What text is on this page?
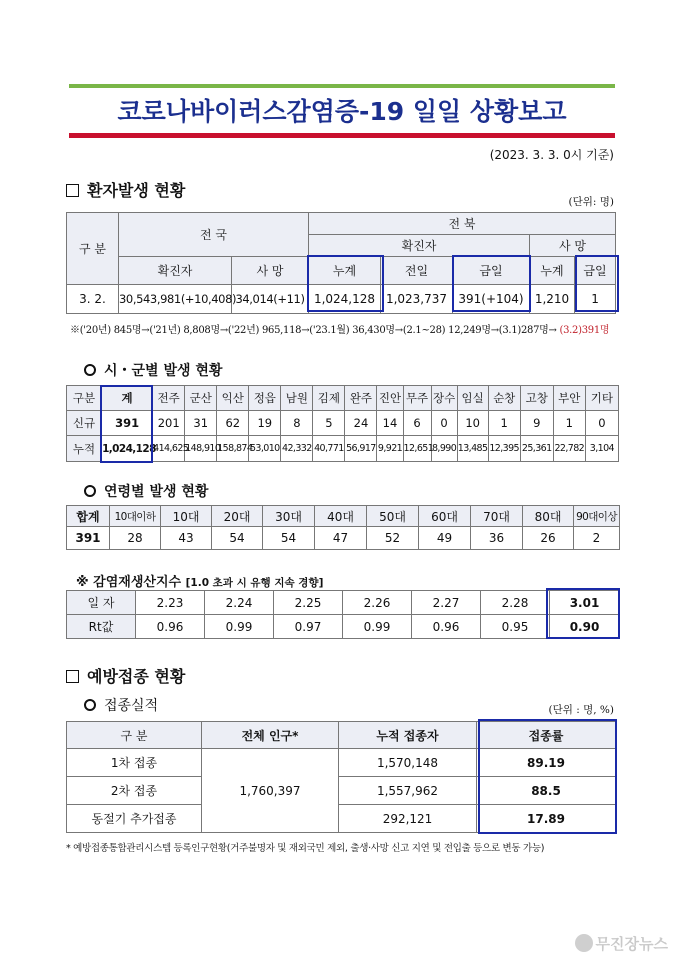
코로나바이러스감염증-19 일일 상황보고
(2023. 3. 3. 0시 기준)
환자발생 현황
(단위: 명)
구 분	전 국		전 북				
			확진자			사 망	
	확진자	사 망	누계	전일	금일	누계	금일
3. 2.	30,543,981(+10,408)	34,014(+11)	1,024,128	1,023,737	391(+104)	1,210	1
※('20년) 845명→('21년) 8,808명→('22년) 965,118→('23.1월) 36,430명→(2.1~28) 12,249명→(3.1)287명→ (3.2)391명
시・군별 발생 현황
구분	계	전주	군산	익산	정읍	남원	김제	완주	진안	무주	장수	임실	순창	고창	부안	기타
신규	391	201	31	62	19	8	5	24	14	6	0	10	1	9	1	0
누적	1,024,128	414,625	148,910	158,874	53,010	42,332	40,771	56,917	9,921	12,651	8,990	13,485	12,395	25,361	22,782	3,104
연령별 발생 현황
합계	10대이하	10대	20대	30대	40대	50대	60대	70대	80대	90대이상
391	28	43	54	54	47	52	49	36	26	2
※ 감염재생산지수 [1.0 초과 시 유행 지속 경향]
일 자	2.23	2.24	2.25	2.26	2.27	2.28	3.01
Rt값	0.96	0.99	0.97	0.99	0.96	0.95	0.90
예방접종 현황
접종실적	(단위 : 명, %)
구 분	전체 인구*	누적 접종자	접종률
1차 접종	1,760,397	1,570,148	89.19
2차 접종		1,557,962	88.5
동절기 추가접종		292,121	17.89
* 예방접종통합관리시스템 등록인구현황(거주불명자 및 재외국민 제외, 출생·사망 신고 지연 및 전입출 등으로 변동 가능)
무진장뉴스
